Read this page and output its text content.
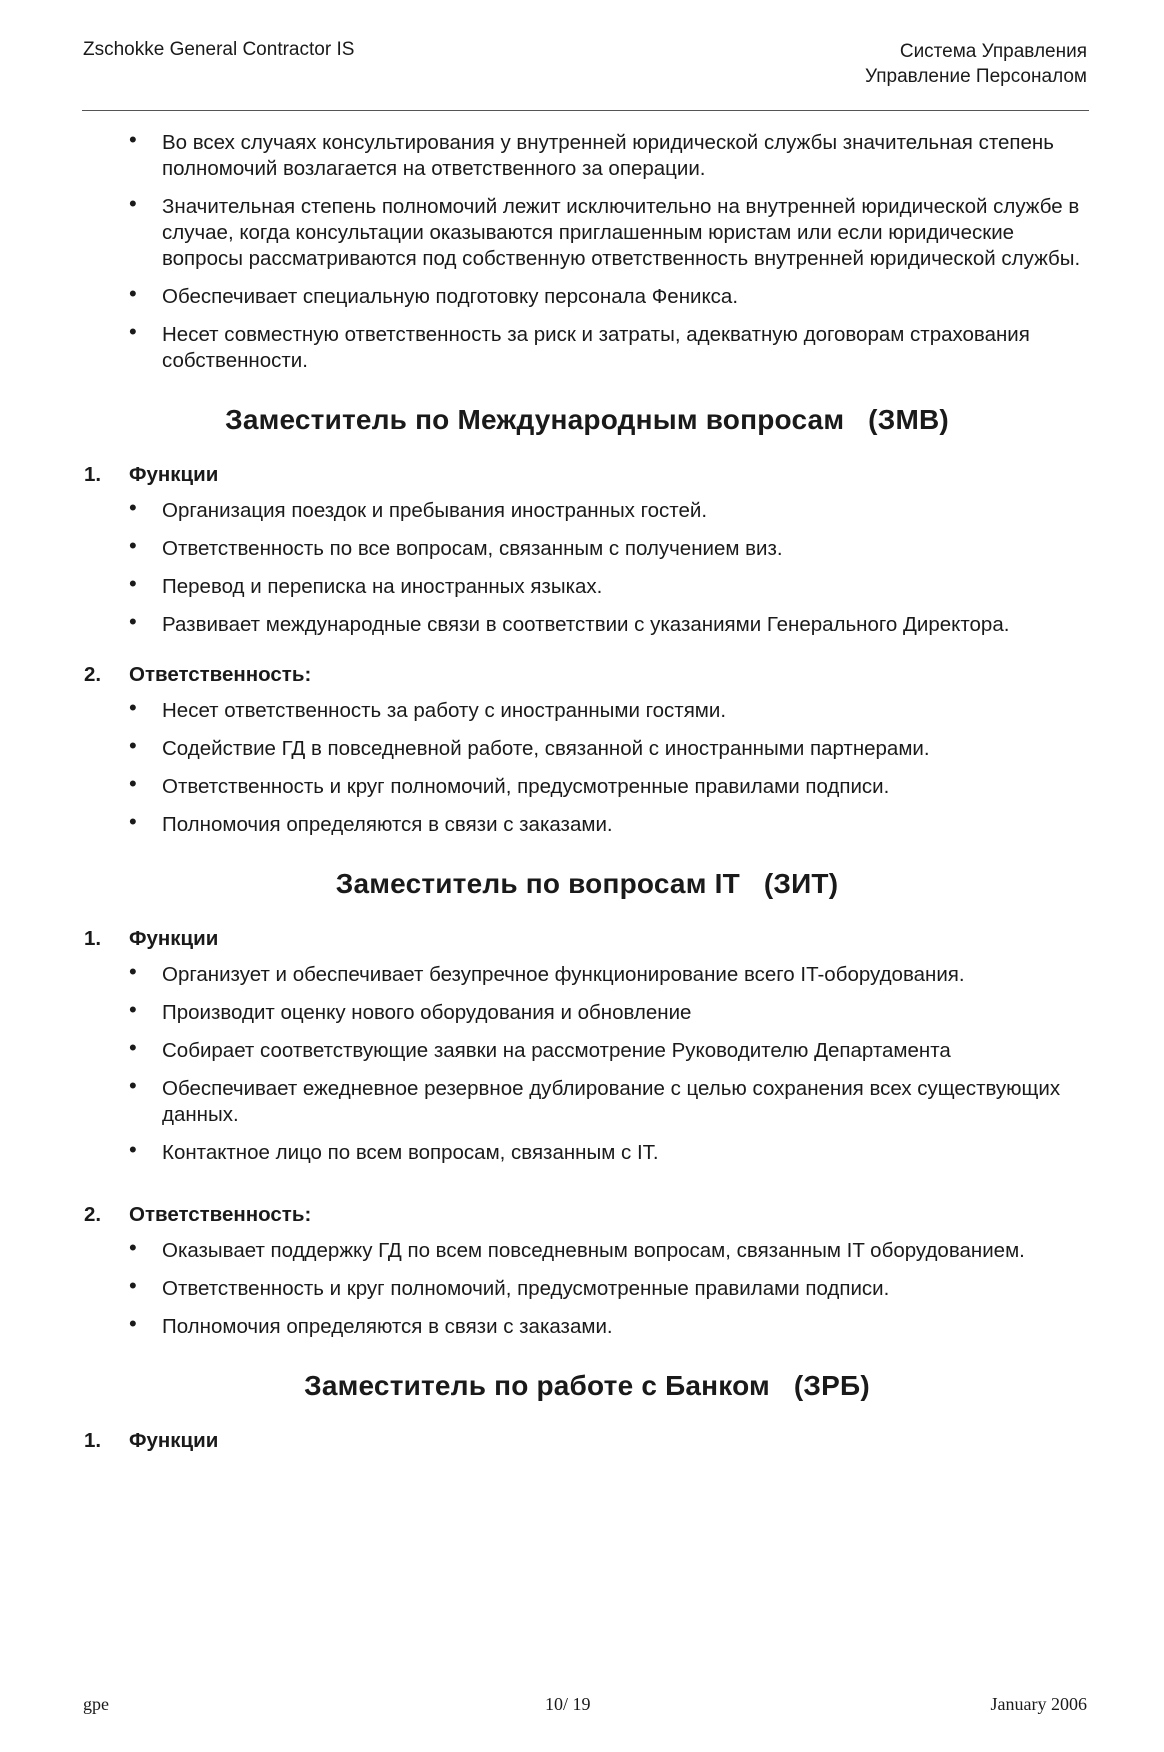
Zschokke General Contractor IS	Система Управления
Управление Персоналом
• Во всех случаях консультирования у внутренней юридической службы значительная степень полномочий возлагается на ответственного за операции.
• Значительная степень полномочий лежит исключительно на внутренней юридической службе в случае, когда консультации оказываются приглашенным юристам или если юридические вопросы рассматриваются под собственную ответственность внутренней юридической службы.
• Обеспечивает специальную подготовку персонала Феникса.
• Несет совместную ответственность за риск и затраты, адекватную договорам страхования собственности.
Заместитель по Международным вопросам   (ЗМВ)
1. Функции
• Организация поездок и пребывания иностранных гостей.
• Ответственность по все вопросам, связанным с получением виз.
• Перевод и переписка на иностранных языках.
• Развивает международные связи в соответствии с указаниями Генерального Директора.
2. Ответственность:
• Несет ответственность за работу с иностранными гостями.
• Содействие ГД в повседневной работе, связанной с иностранными партнерами.
• Ответственность и круг полномочий, предусмотренные правилами подписи.
• Полномочия определяются в связи с заказами.
Заместитель по вопросам IT   (ЗИТ)
1. Функции
• Организует и обеспечивает безупречное функционирование всего IT-оборудования.
• Производит оценку нового оборудования и обновление
• Собирает соответствующие заявки на рассмотрение Руководителю Департамента
• Обеспечивает ежедневное резервное дублирование с целью сохранения всех существующих данных.
• Контактное лицо по всем вопросам, связанным с IT.
2. Ответственность:
• Оказывает поддержку ГД по всем повседневным вопросам, связанным IT оборудованием.
• Ответственность и круг полномочий, предусмотренные правилами подписи.
• Полномочия определяются в связи с заказами.
Заместитель по работе с Банком   (ЗРБ)
1. Функции
gpe	10/ 19	January 2006
